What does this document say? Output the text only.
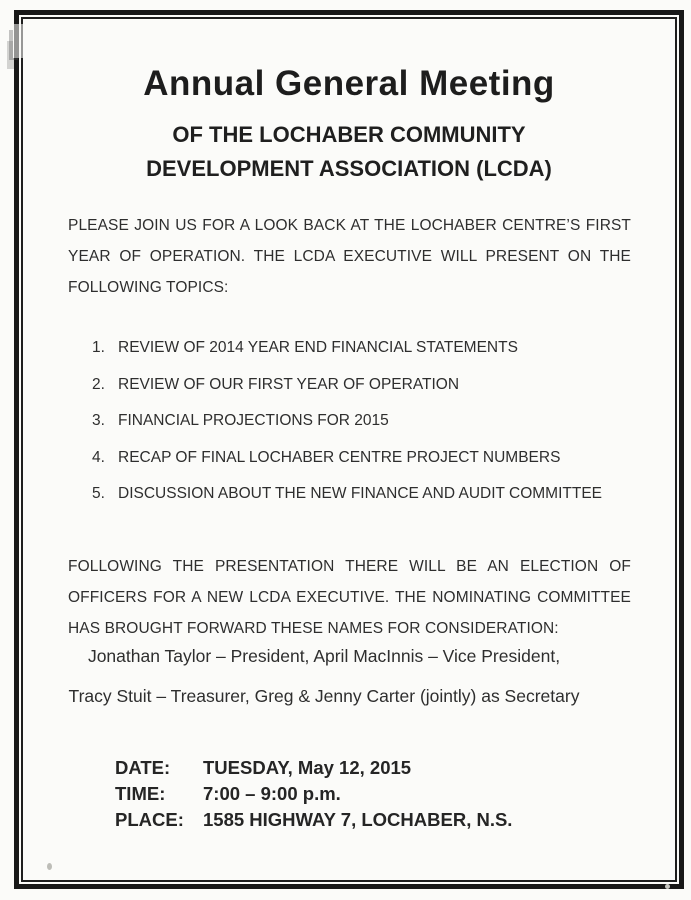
Annual General Meeting
OF THE LOCHABER COMMUNITY
DEVELOPMENT ASSOCIATION (LCDA)
PLEASE JOIN US FOR A LOOK BACK AT THE LOCHABER CENTRE’S FIRST YEAR OF OPERATION. THE LCDA EXECUTIVE WILL PRESENT ON THE FOLLOWING TOPICS:
1. REVIEW OF 2014 YEAR END FINANCIAL STATEMENTS
2. REVIEW OF OUR FIRST YEAR OF OPERATION
3. FINANCIAL PROJECTIONS FOR 2015
4. RECAP OF FINAL LOCHABER CENTRE PROJECT NUMBERS
5. DISCUSSION ABOUT THE NEW FINANCE AND AUDIT COMMITTEE
FOLLOWING THE PRESENTATION THERE WILL BE AN ELECTION OF OFFICERS FOR A NEW LCDA EXECUTIVE. THE NOMINATING COMMITTEE HAS BROUGHT FORWARD THESE NAMES FOR CONSIDERATION:
Jonathan Taylor – President, April MacInnis – Vice President,
Tracy Stuit – Treasurer, Greg & Jenny Carter (jointly) as Secretary
DATE:	TUESDAY, May 12, 2015
TIME:	7:00 – 9:00 p.m.
PLACE:	1585 HIGHWAY 7, LOCHABER, N.S.
